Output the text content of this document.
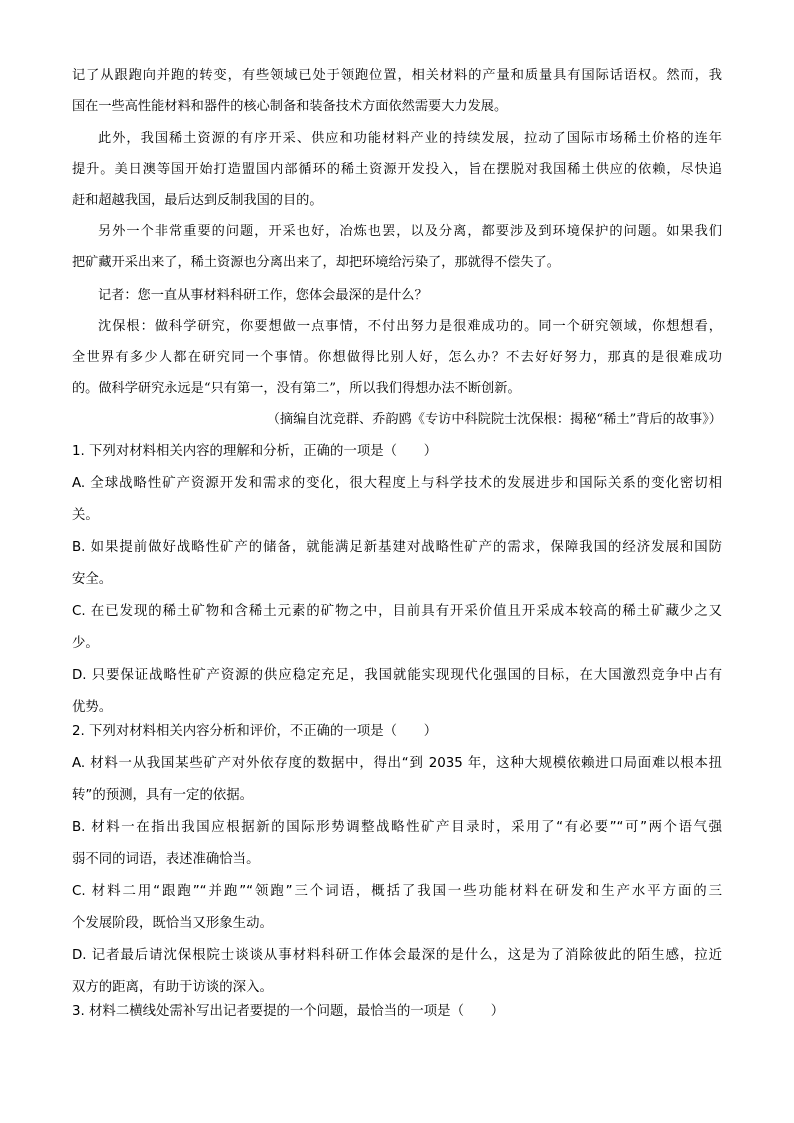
记了从跟跑向并跑的转变，有些领域已处于领跑位置，相关材料的产量和质量具有国际话语权。然而，我
国在一些高性能材料和器件的核心制备和装备技术方面依然需要大力发展。
此外，我国稀土资源的有序开采、供应和功能材料产业的持续发展，拉动了国际市场稀土价格的连年
提升。美日澳等国开始打造盟国内部循环的稀土资源开发投入，旨在摆脱对我国稀土供应的依赖，尽快追
赶和超越我国，最后达到反制我国的目的。
另外一个非常重要的问题，开采也好，冶炼也罢，以及分离，都要涉及到环境保护的问题。如果我们
把矿藏开采出来了，稀土资源也分离出来了，却把环境给污染了，那就得不偿失了。
记者：您一直从事材料科研工作，您体会最深的是什么？
沈保根：做科学研究，你要想做一点事情，不付出努力是很难成功的。同一个研究领域，你想想看，
全世界有多少人都在研究同一个事情。你想做得比别人好，怎么办？不去好好努力，那真的是很难成功
的。做科学研究永远是“只有第一，没有第二”，所以我们得想办法不断创新。
（摘编自沈竞群、乔韵鸥《专访中科院院士沈保根：揭秘“稀土”背后的故事》）
1. 下列对材料相关内容的理解和分析，正确的一项是（　　）
A. 全球战略性矿产资源开发和需求的变化，很大程度上与科学技术的发展进步和国际关系的变化密切相
关。
B. 如果提前做好战略性矿产的储备，就能满足新基建对战略性矿产的需求，保障我国的经济发展和国防
安全。
C. 在已发现的稀土矿物和含稀土元素的矿物之中，目前具有开采价值且开采成本较高的稀土矿藏少之又
少。
D. 只要保证战略性矿产资源的供应稳定充足，我国就能实现现代化强国的目标，在大国激烈竞争中占有
优势。
2. 下列对材料相关内容分析和评价，不正确的一项是（　　）
A. 材料一从我国某些矿产对外依存度的数据中，得出“到 2035 年，这种大规模依赖进口局面难以根本扭
转”的预测，具有一定的依据。
B. 材料一在指出我国应根据新的国际形势调整战略性矿产目录时，采用了“有必要”“可”两个语气强
弱不同的词语，表述准确恰当。
C. 材料二用“跟跑”“并跑”“领跑”三个词语，概括了我国一些功能材料在研发和生产水平方面的三
个发展阶段，既恰当又形象生动。
D. 记者最后请沈保根院士谈谈从事材料科研工作体会最深的是什么，这是为了消除彼此的陌生感，拉近
双方的距离，有助于访谈的深入。
3. 材料二横线处需补写出记者要提的一个问题，最恰当的一项是（　　）
